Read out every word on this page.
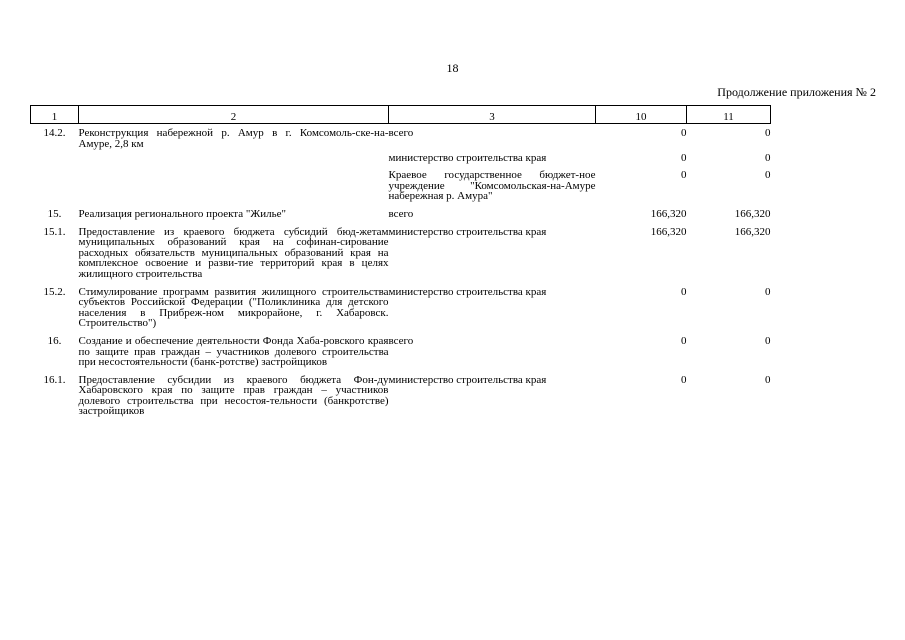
18
Продолжение приложения № 2
1	2	3	10	11
14.2.	Реконструкция набережной р. Амур в г. Комсомоль-ске-на-Амуре, 2,8 км	всего	0	0
		министерство строительства края	0	0
		Краевое государственное бюджет-ное учреждение "Комсомольская-на-Амуре набережная р. Амура"	0	0
15.	Реализация регионального проекта "Жилье"	всего	166,320	166,320
15.1.	Предоставление из краевого бюджета субсидий бюд-жетам муниципальных образований края на софинан-сирование расходных обязательств муниципальных образований края на комплексное освоение и разви-тие территорий края в целях жилищного строительства	министерство строительства края	166,320	166,320
15.2.	Стимулирование программ развития жилищного строительства субъектов Российской Федерации ("Поликлиника для детского населения в Прибреж-ном микрорайоне, г. Хабаровск. Строительство")	министерство строительства края	0	0
16.	Создание и обеспечение деятельности Фонда Хаба-ровского края по защите прав граждан – участников долевого строительства при несостоятельности (банк-ротстве) застройщиков	всего	0	0
16.1.	Предоставление субсидии из краевого бюджета Фон-ду Хабаровского края по защите прав граждан – участников долевого строительства при несостоя-тельности (банкротстве) застройщиков	министерство строительства края	0	0
